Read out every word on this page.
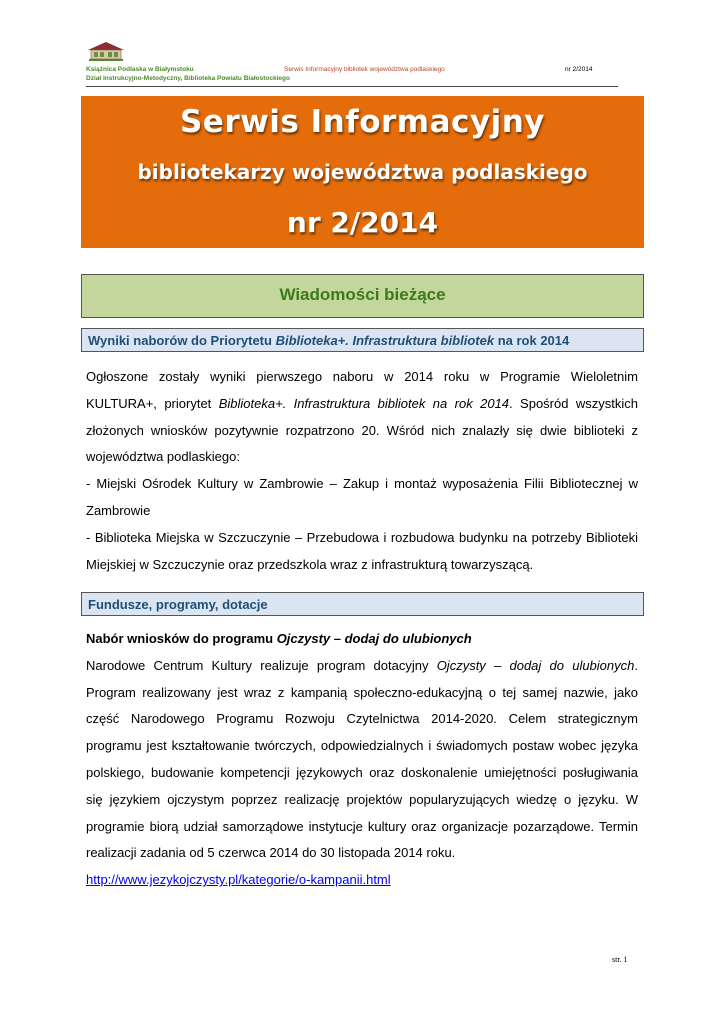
Książnica Podlaska w Białymstoku
Dział Instrukcyjno-Metodyczny, Biblioteka Powiatu Białostockiego
Serwis Informacyjny bibliotek województwa podlaskiego	nr 2/2014
Serwis Informacyjny
bibliotekarzy województwa podlaskiego
nr 2/2014
Wiadomości bieżące
Wyniki naborów do Priorytetu Biblioteka+. Infrastruktura bibliotek na rok 2014

Ogłoszone zostały wyniki pierwszego naboru w 2014 roku w Programie Wieloletnim KULTURA+, priorytet Biblioteka+. Infrastruktura bibliotek na rok 2014. Spośród wszystkich złożonych wniosków pozytywnie rozpatrzono 20. Wśród nich znalazły się dwie biblioteki z województwa podlaskiego:

- Miejski Ośrodek Kultury w Zambrowie – Zakup i montaż wyposażenia Filii Bibliotecznej w Zambrowie

- Biblioteka Miejska w Szczuczynie – Przebudowa i rozbudowa budynku na potrzeby Biblioteki Miejskiej w Szczuczynie oraz przedszkola wraz z infrastrukturą towarzyszącą.

Fundusze, programy, dotacje

Nabór wniosków do programu Ojczysty – dodaj do ulubionych

Narodowe Centrum Kultury realizuje program dotacyjny Ojczysty – dodaj do ulubionych. Program realizowany jest wraz z kampanią społeczno-edukacyjną o tej samej nazwie, jako część Narodowego Programu Rozwoju Czytelnictwa 2014-2020. Celem strategicznym programu jest kształtowanie twórczych, odpowiedzialnych i świadomych postaw wobec języka polskiego, budowanie kompetencji językowych oraz doskonalenie umiejętności posługiwania się językiem ojczystym poprzez realizację projektów popularyzujących wiedzę o języku. W programie biorą udział samorządowe instytucje kultury oraz organizacje pozarządowe. Termin realizacji zadania od 5 czerwca 2014 do 30 listopada 2014 roku.

http://www.jezykojczysty.pl/kategorie/o-kampanii.html

str. 1
